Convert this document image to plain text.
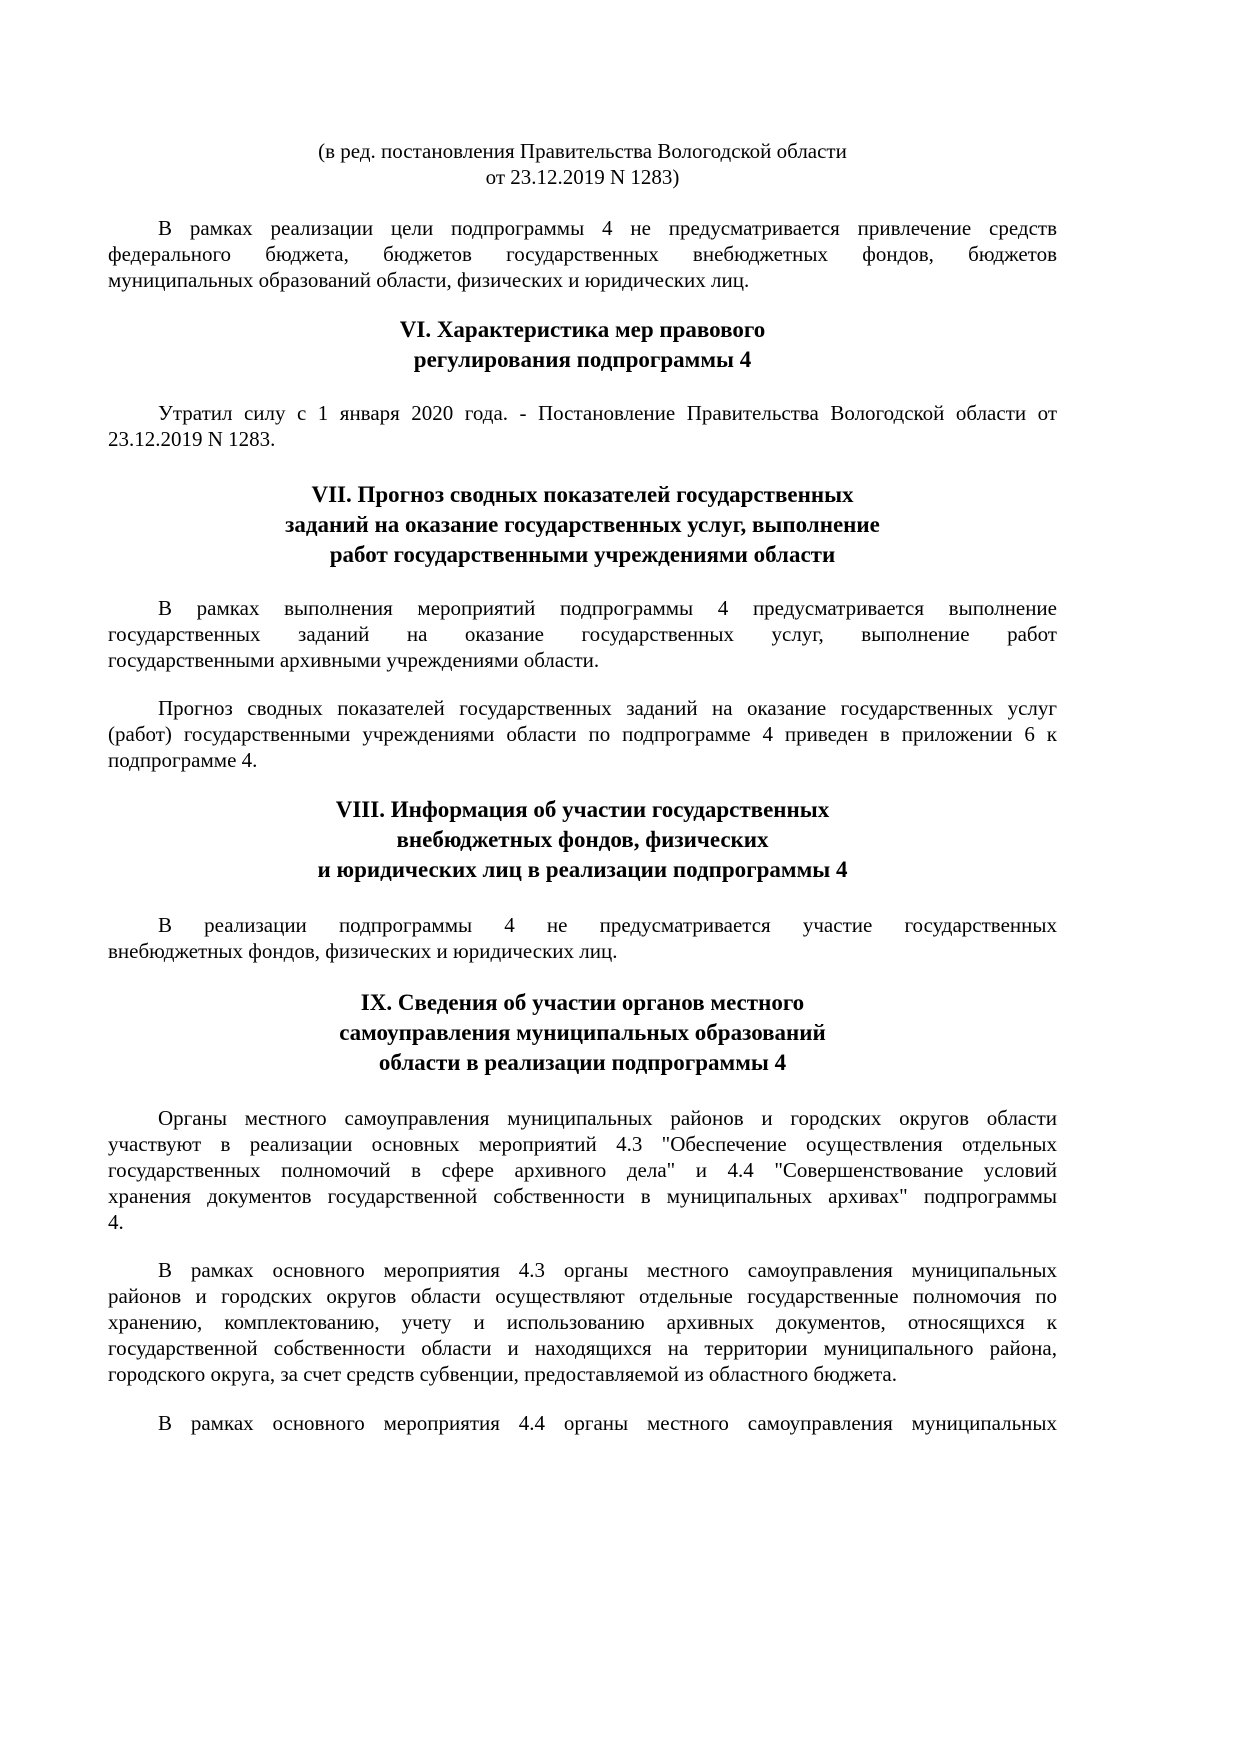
(в ред. постановления Правительства Вологодской области
от 23.12.2019 N 1283)
В рамках реализации цели подпрограммы 4 не предусматривается привлечение средств
федерального бюджета, бюджетов государственных внебюджетных фондов, бюджетов
муниципальных образований области, физических и юридических лиц.
VI. Характеристика мер правового
регулирования подпрограммы 4
Утратил силу с 1 января 2020 года. - Постановление Правительства Вологодской области от
23.12.2019 N 1283.
VII. Прогноз сводных показателей государственных
заданий на оказание государственных услуг, выполнение
работ государственными учреждениями области
В рамках выполнения мероприятий подпрограммы 4 предусматривается выполнение
государственных заданий на оказание государственных услуг, выполнение работ
государственными архивными учреждениями области.
Прогноз сводных показателей государственных заданий на оказание государственных услуг
(работ) государственными учреждениями области по подпрограмме 4 приведен в приложении 6 к
подпрограмме 4.
VIII. Информация об участии государственных
внебюджетных фондов, физических
и юридических лиц в реализации подпрограммы 4
В реализации подпрограммы 4 не предусматривается участие государственных
внебюджетных фондов, физических и юридических лиц.
IX. Сведения об участии органов местного
самоуправления муниципальных образований
области в реализации подпрограммы 4
Органы местного самоуправления муниципальных районов и городских округов области
участвуют в реализации основных мероприятий 4.3 "Обеспечение осуществления отдельных
государственных полномочий в сфере архивного дела" и 4.4 "Совершенствование условий
хранения документов государственной собственности в муниципальных архивах" подпрограммы
4.
В рамках основного мероприятия 4.3 органы местного самоуправления муниципальных
районов и городских округов области осуществляют отдельные государственные полномочия по
хранению, комплектованию, учету и использованию архивных документов, относящихся к
государственной собственности области и находящихся на территории муниципального района,
городского округа, за счет средств субвенции, предоставляемой из областного бюджета.
В рамках основного мероприятия 4.4 органы местного самоуправления муниципальных
